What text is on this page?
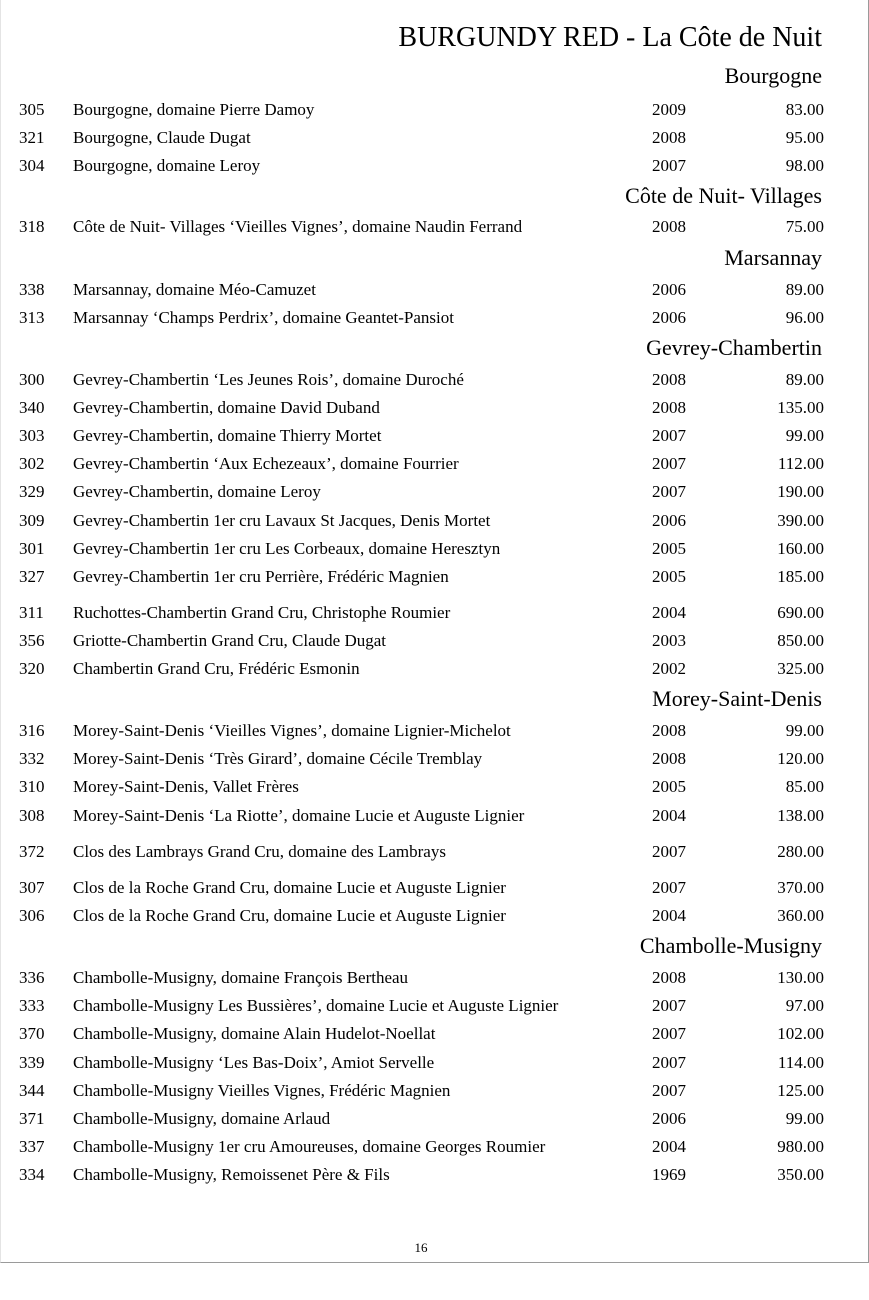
BURGUNDY RED - La Côte de Nuit
Bourgogne
305 Bourgogne, domaine Pierre Damoy	2009	83.00
321 Bourgogne, Claude Dugat	2008	95.00
304 Bourgogne, domaine Leroy	2007	98.00
Côte de Nuit- Villages
318 Côte de Nuit- Villages ‘Vieilles Vignes’, domaine Naudin Ferrand	2008	75.00
Marsannay
338 Marsannay, domaine Méo-Camuzet	2006	89.00
313 Marsannay ‘Champs Perdrix’, domaine Geantet-Pansiot	2006	96.00
Gevrey-Chambertin
300 Gevrey-Chambertin ‘Les Jeunes Rois’, domaine Duroché	2008	89.00
340 Gevrey-Chambertin, domaine David Duband	2008	135.00
303 Gevrey-Chambertin, domaine Thierry Mortet	2007	99.00
302 Gevrey-Chambertin ‘Aux Echezeaux’, domaine Fourrier	2007	112.00
329 Gevrey-Chambertin, domaine Leroy	2007	190.00
309 Gevrey-Chambertin 1er cru Lavaux St Jacques, Denis Mortet	2006	390.00
301 Gevrey-Chambertin 1er cru Les Corbeaux, domaine Heresztyn	2005	160.00
327 Gevrey-Chambertin 1er cru Perrière, Frédéric Magnien	2005	185.00
311 Ruchottes-Chambertin Grand Cru, Christophe Roumier	2004	690.00
356 Griotte-Chambertin Grand Cru, Claude Dugat	2003	850.00
320 Chambertin Grand Cru, Frédéric Esmonin	2002	325.00
Morey-Saint-Denis
316 Morey-Saint-Denis ‘Vieilles Vignes’, domaine Lignier-Michelot	2008	99.00
332 Morey-Saint-Denis ‘Très Girard’, domaine Cécile Tremblay	2008	120.00
310 Morey-Saint-Denis, Vallet Frères	2005	85.00
308 Morey-Saint-Denis ‘La Riotte’, domaine Lucie et Auguste Lignier	2004	138.00
372 Clos des Lambrays Grand Cru, domaine des Lambrays	2007	280.00
307 Clos de la Roche Grand Cru, domaine Lucie et Auguste Lignier	2007	370.00
306 Clos de la Roche Grand Cru, domaine Lucie et Auguste Lignier	2004	360.00
Chambolle-Musigny
336 Chambolle-Musigny, domaine François Bertheau	2008	130.00
333 Chambolle-Musigny Les Bussières’, domaine Lucie et Auguste Lignier	2007	97.00
370 Chambolle-Musigny, domaine Alain Hudelot-Noellat	2007	102.00
339 Chambolle-Musigny ‘Les Bas-Doix’, Amiot Servelle	2007	114.00
344 Chambolle-Musigny Vieilles Vignes, Frédéric Magnien	2007	125.00
371 Chambolle-Musigny, domaine Arlaud	2006	99.00
337 Chambolle-Musigny 1er cru Amoureuses, domaine Georges Roumier	2004	980.00
334 Chambolle-Musigny, Remoissenet Père & Fils	1969	350.00
16
